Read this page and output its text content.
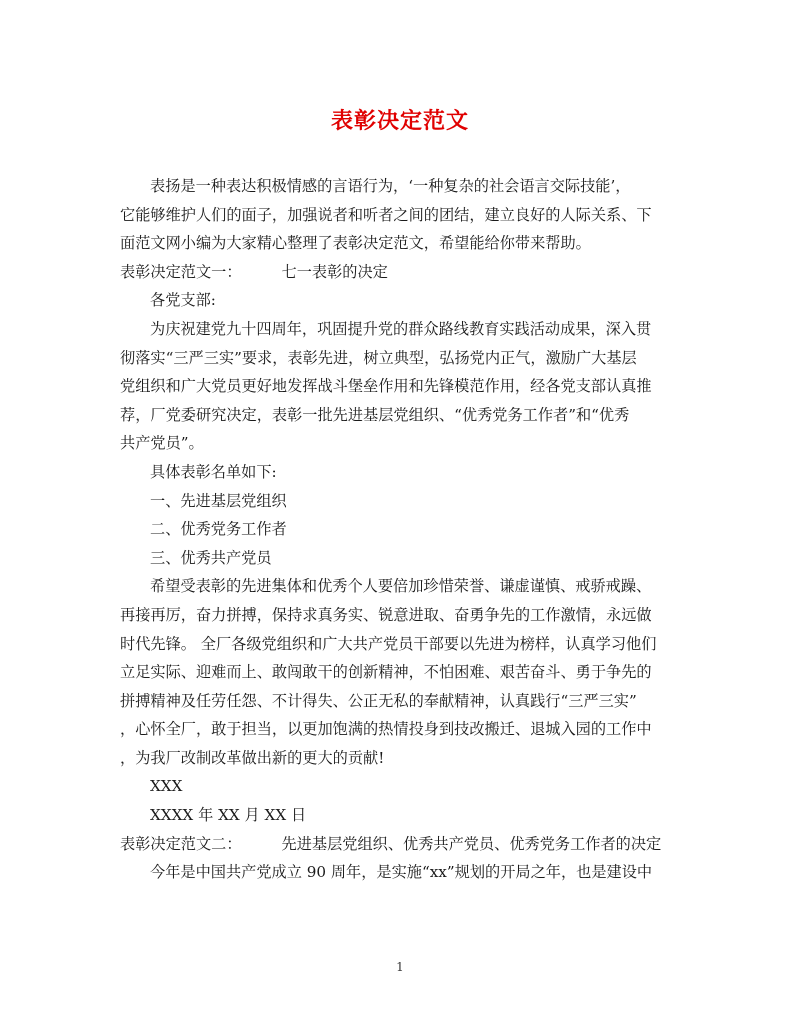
表彰决定范文

表扬是一种表达积极情感的言语行为，‘一种复杂的社会语言交际技能’，
它能够维护人们的面子，加强说者和听者之间的团结，建立良好的人际关系、下
面范文网小编为大家精心整理了表彰决定范文，希望能给你带来帮助。

表彰决定范文一：	七一表彰的决定

各党支部:

为庆祝建党九十四周年，巩固提升党的群众路线教育实践活动成果，深入贯
彻落实“三严三实”要求，表彰先进，树立典型，弘扬党内正气，激励广大基层
党组织和广大党员更好地发挥战斗堡垒作用和先锋模范作用，经各党支部认真推
荐，厂党委研究决定，表彰一批先进基层党组织、“优秀党务工作者”和“优秀
共产党员”。

具体表彰名单如下:

一、先进基层党组织

二、优秀党务工作者

三、优秀共产党员

希望受表彰的先进集体和优秀个人要倍加珍惜荣誉、谦虚谨慎、戒骄戒躁、
再接再厉，奋力拼搏，保持求真务实、锐意进取、奋勇争先的工作激情，永远做
时代先锋。 全厂各级党组织和广大共产党员干部要以先进为榜样，认真学习他们
立足实际、迎难而上、敢闯敢干的创新精神，不怕困难、艰苦奋斗、勇于争先的
拼搏精神及任劳任怨、不计得失、公正无私的奉献精神，认真践行“三严三实”
，心怀全厂，敢于担当，以更加饱满的热情投身到技改搬迁、退城入园的工作中
，为我厂改制改革做出新的更大的贡献!

XXX

XXXX 年 XX 月 XX 日

表彰决定范文二：	先进基层党组织、优秀共产党员、优秀党务工作者的决定

今年是中国共产党成立 90 周年，是实施“xx”规划的开局之年，也是建设中

1
